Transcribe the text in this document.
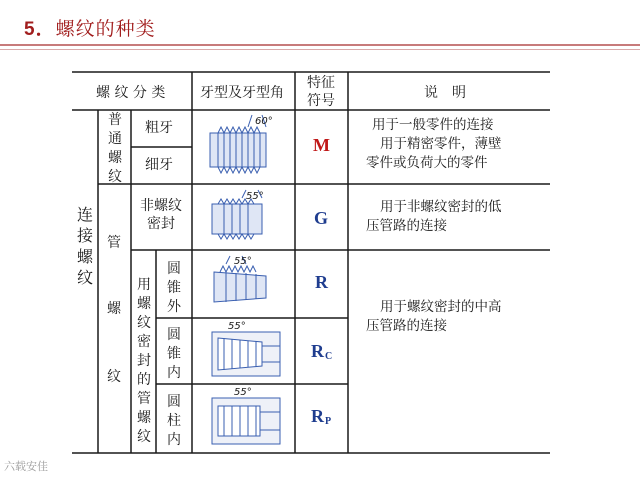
5．螺纹的种类
螺 纹 分 类 牙型及牙型角
特征
符号	说　明
连接螺纹
普通螺纹
管
螺
纹
用螺纹密封的管螺纹
粗牙
细牙
非螺纹
密封
圆锥外
圆锥内
圆柱内
60°
55°
55°
55°
55°
M
G
R
$R_C$
$R_P$
用于一般零件的连接
用于精密零件，薄壁
零件或负荷大的零件
用于非螺纹密封的低
压管路的连接
用于螺纹密封的中高
压管路的连接
六载安佳
